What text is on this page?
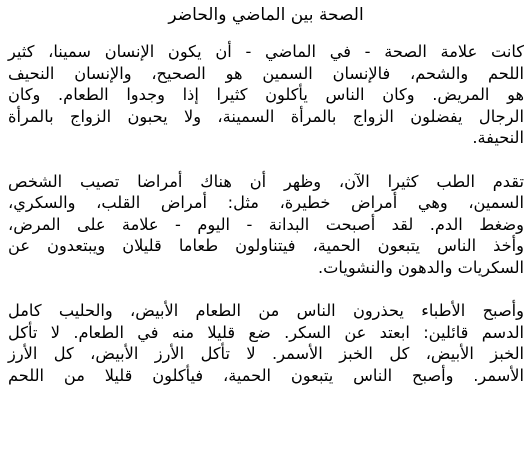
الصحة بين الماضي والحاضر
كانت علامة الصحة - في الماضي - أن يكون الإنسان سمينا، كثير
اللحم والشحم، فالإنسان السمين هو الصحيح، والإنسان النحيف
هو المريض. وكان الناس يأكلون كثيرا إذا وجدوا الطعام. وكان
الرجال يفضلون الزواج بالمرأة السمينة، ولا يحبون الزواج بالمرأة
النحيفة.
تقدم الطب كثيرا الآن، وظهر أن هناك أمراضا تصيب الشخص
السمين، وهي أمراض خطيرة، مثل: أمراض القلب، والسكري،
وضغط الدم. لقد أصبحت البدانة - اليوم - علامة على المرض،
وأخذ الناس يتبعون الحمية، فيتناولون طعاما قليلان ويبتعدون عن
السكريات والدهون والنشويات.
وأصبح الأطباء يحذرون الناس من الطعام الأبيض، والحليب كامل
الدسم قائلين: ابعتد عن السكر. ضع قليلا منه في الطعام. لا تأكل
الخبز الأبيض، كل الخبز الأسمر. لا تأكل الأرز الأبيض، كل الأرز
الأسمر. وأصبح الناس يتبعون الحمية، فيأكلون قليلا من اللحم
